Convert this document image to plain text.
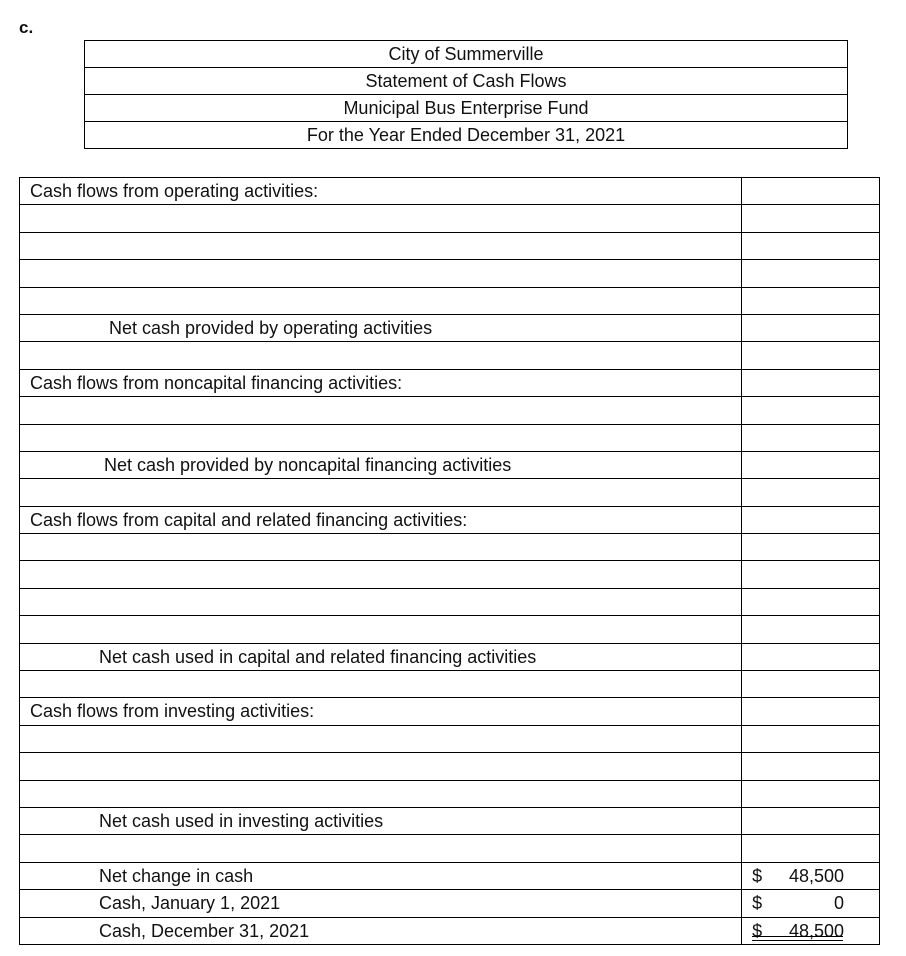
c.
City of Summerville
Statement of Cash Flows
Municipal Bus Enterprise Fund
For the Year Ended December 31, 2021
Cash flows from operating activities:
Net cash provided by operating activities
Cash flows from noncapital financing activities:
Net cash provided by noncapital financing activities
Cash flows from capital and related financing activities:
Net cash used in capital and related financing activities
Cash flows from investing activities:
Net cash used in investing activities
Net change in cash	$ 48,500
Cash, January 1, 2021	$	0
Cash, December 31, 2021	$ 48,500
